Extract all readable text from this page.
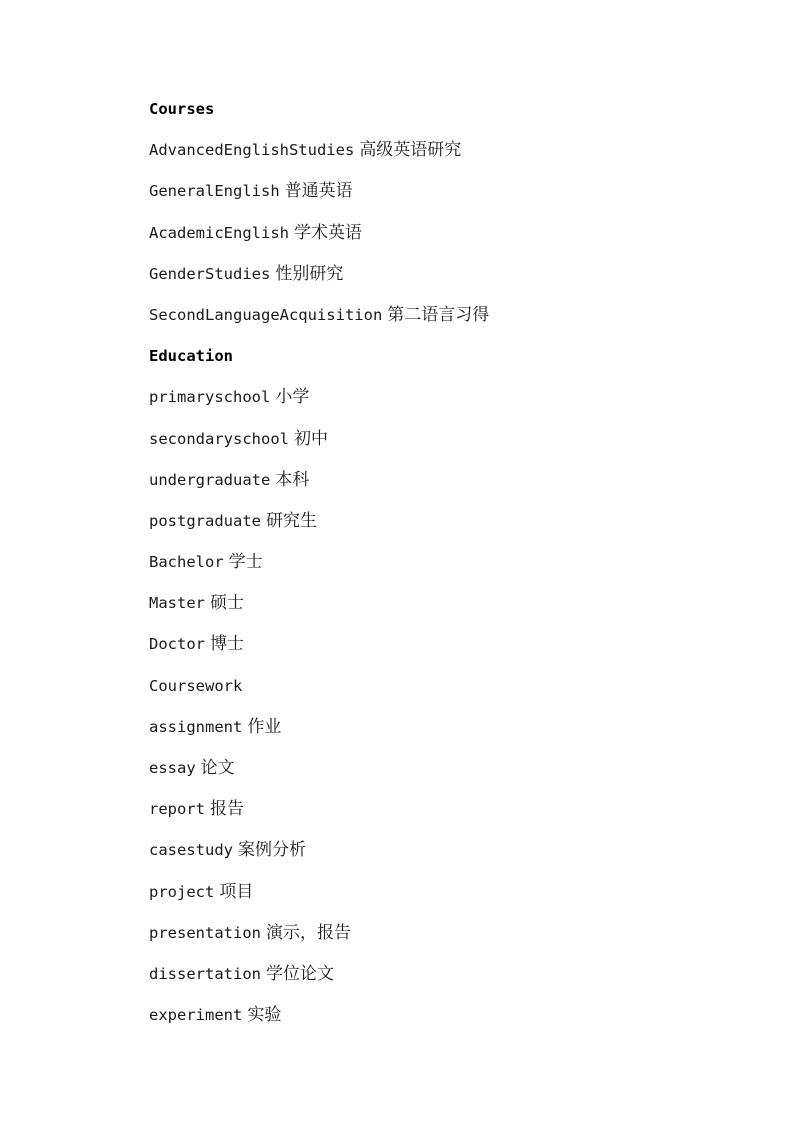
Courses
AdvancedEnglishStudies 高级英语研究
GeneralEnglish 普通英语
AcademicEnglish 学术英语
GenderStudies 性别研究
SecondLanguageAcquisition 第二语言习得
Education
primaryschool 小学
secondaryschool 初中
undergraduate 本科
postgraduate 研究生
Bachelor 学士
Master 硕士
Doctor 博士
Coursework
assignment 作业
essay 论文
report 报告
casestudy 案例分析
project 项目
presentation 演示，报告
dissertation 学位论文
experiment 实验
